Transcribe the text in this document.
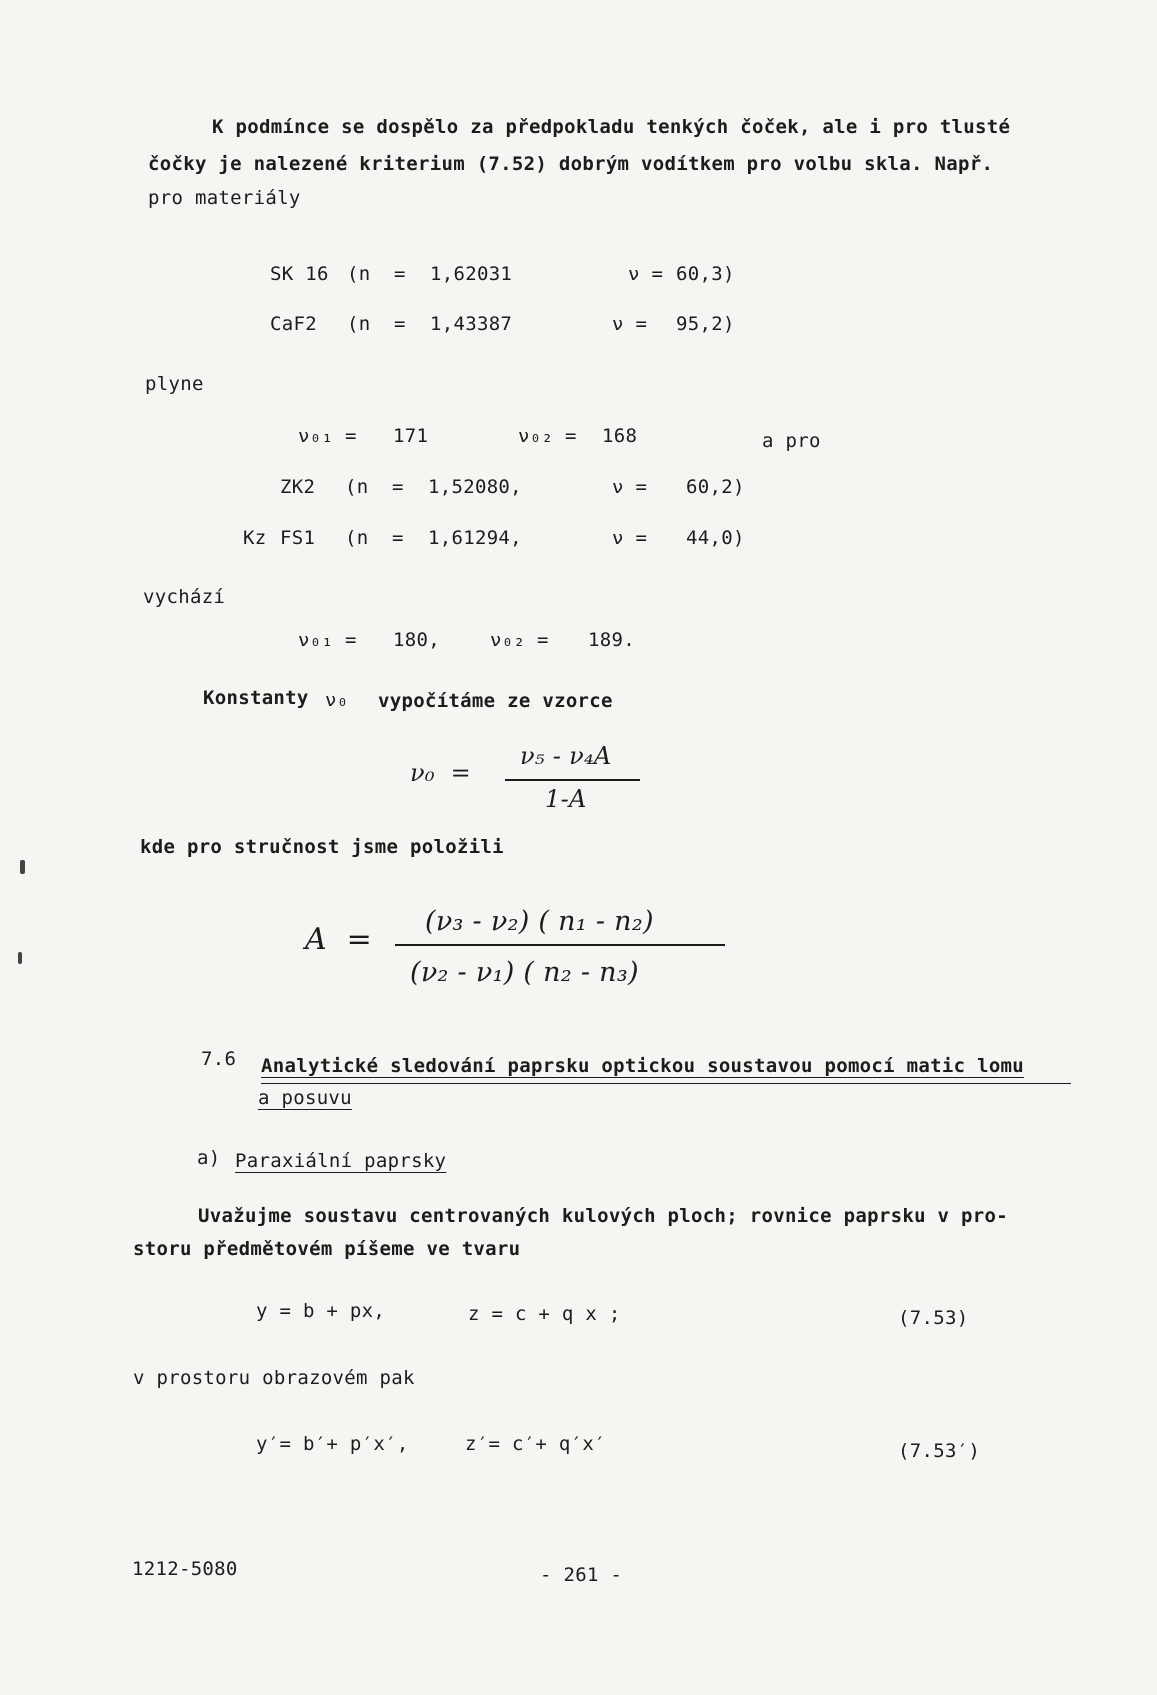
K podmínce se dospělo za předpokladu tenkých čoček, ale i pro tlusté
čočky je nalezené kriterium (7.52) dobrým vodítkem pro volbu skla. Např.
pro materiály
SK 16 (n  = 1,62031	ν = 60,3)
CaF2 (n  = 1,43387	ν = 95,2)
plyne
ν₀₁ = 171	ν₀₂ = 168	a pro
ZK2 (n  = 1,52080,	ν = 60,2)
Kz FS1 (n  = 1,61294,	ν = 44,0)
vychází
ν₀₁ = 180,	ν₀₂ = 189.
Konstanty ν₀ vypočítáme ze vzorce
ν₀  =
ν₅ - ν₄A
1-A
kde pro stručnost jsme položili
A  =
(ν₃ - ν₂) ( n₁ - n₂)
(ν₂ - ν₁) ( n₂ - n₃)
7.6 Analytické sledování paprsku optickou soustavou pomocí matic lomu
a posuvu
a) Paraxiální paprsky
Uvažujme soustavu centrovaných kulových ploch; rovnice paprsku v pro-
storu předmětovém píšeme ve tvaru
y = b + px,	z = c + q x ;	(7.53)
v prostoru obrazovém pak
y′= b′+ p′x′,	z′= c′+ q′x′	(7.53′)
1212-5080	- 261 -
